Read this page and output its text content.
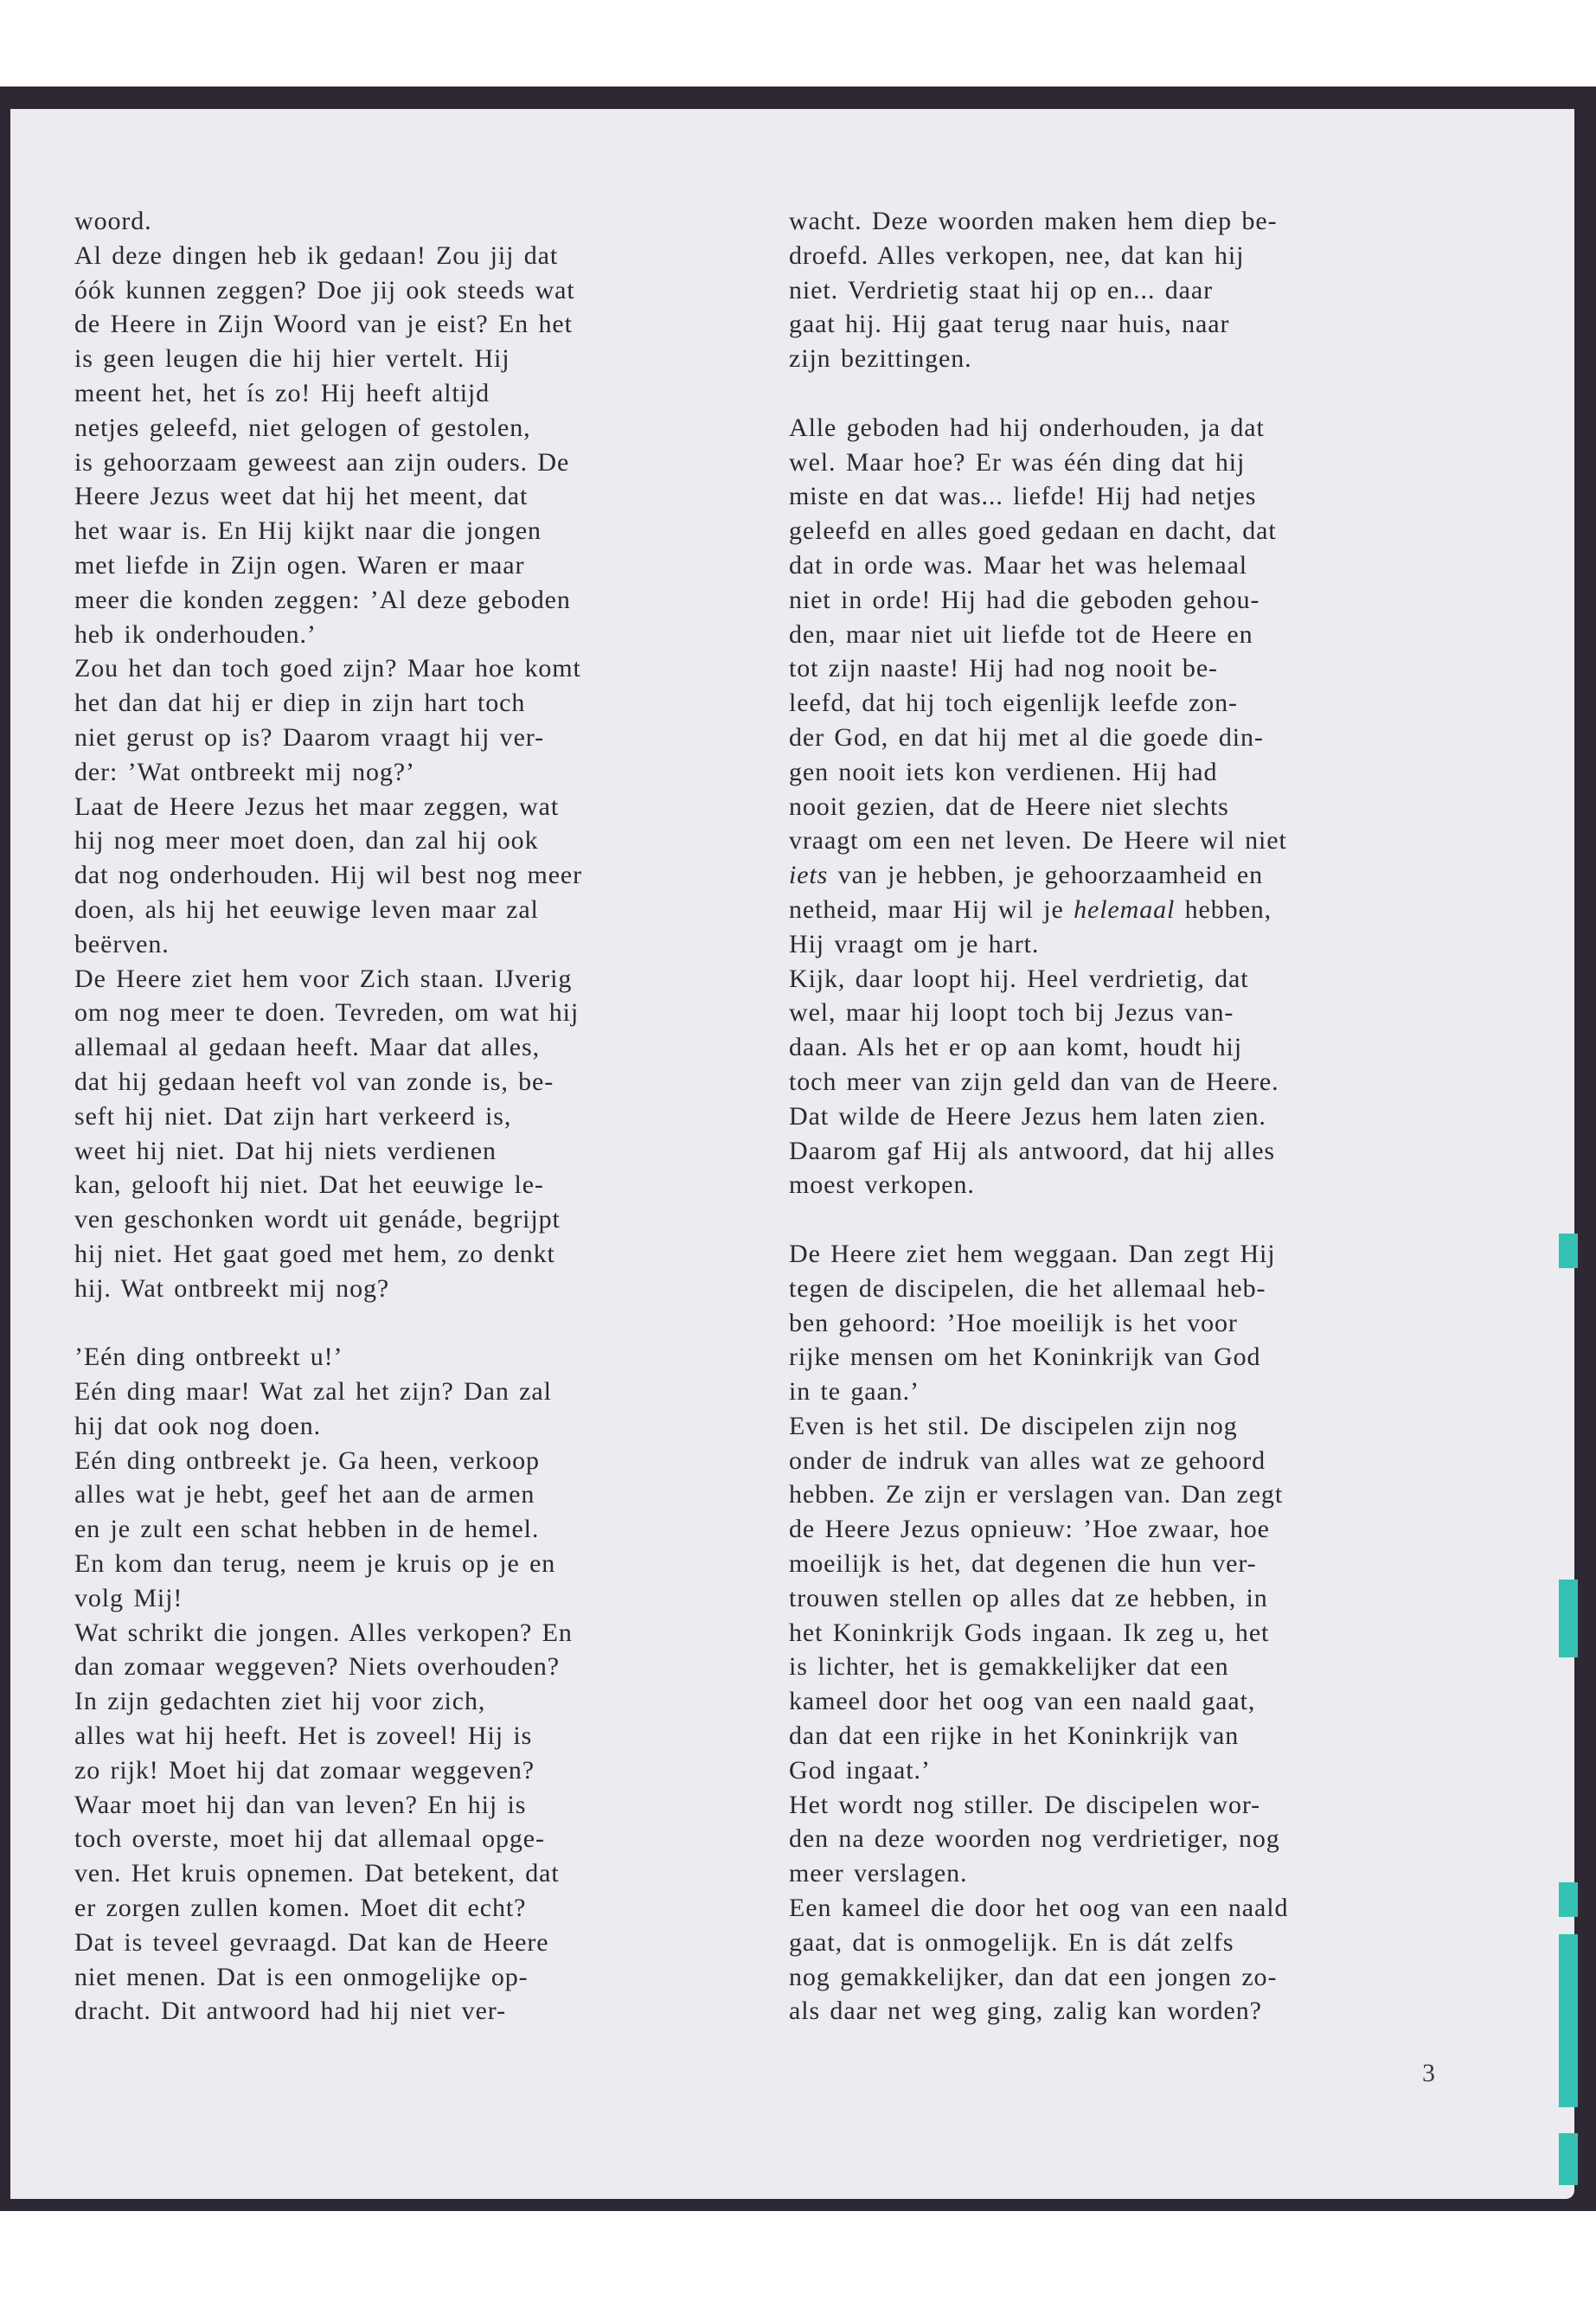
woord.
Al deze dingen heb ik gedaan! Zou jij dat
óók kunnen zeggen? Doe jij ook steeds wat
de Heere in Zijn Woord van je eist? En het
is geen leugen die hij hier vertelt. Hij
meent het, het ís zo! Hij heeft altijd
netjes geleefd, niet gelogen of gestolen,
is gehoorzaam geweest aan zijn ouders. De
Heere Jezus weet dat hij het meent, dat
het waar is. En Hij kijkt naar die jongen
met liefde in Zijn ogen. Waren er maar
meer die konden zeggen: ’Al deze geboden
heb ik onderhouden.’
Zou het dan toch goed zijn? Maar hoe komt
het dan dat hij er diep in zijn hart toch
niet gerust op is? Daarom vraagt hij ver-
der: ’Wat ontbreekt mij nog?’
Laat de Heere Jezus het maar zeggen, wat
hij nog meer moet doen, dan zal hij ook
dat nog onderhouden. Hij wil best nog meer
doen, als hij het eeuwige leven maar zal
beërven.
De Heere ziet hem voor Zich staan. IJverig
om nog meer te doen. Tevreden, om wat hij
allemaal al gedaan heeft. Maar dat alles,
dat hij gedaan heeft vol van zonde is, be-
seft hij niet. Dat zijn hart verkeerd is,
weet hij niet. Dat hij niets verdienen
kan, gelooft hij niet. Dat het eeuwige le-
ven geschonken wordt uit genáde, begrijpt
hij niet. Het gaat goed met hem, zo denkt
hij. Wat ontbreekt mij nog?
’Eén ding ontbreekt u!’
Eén ding maar! Wat zal het zijn? Dan zal
hij dat ook nog doen.
Eén ding ontbreekt je. Ga heen, verkoop
alles wat je hebt, geef het aan de armen
en je zult een schat hebben in de hemel.
En kom dan terug, neem je kruis op je en
volg Mij!
Wat schrikt die jongen. Alles verkopen? En
dan zomaar weggeven? Niets overhouden?
In zijn gedachten ziet hij voor zich,
alles wat hij heeft. Het is zoveel! Hij is
zo rijk! Moet hij dat zomaar weggeven?
Waar moet hij dan van leven? En hij is
toch overste, moet hij dat allemaal opge-
ven. Het kruis opnemen. Dat betekent, dat
er zorgen zullen komen. Moet dit echt?
Dat is teveel gevraagd. Dat kan de Heere
niet menen. Dat is een onmogelijke op-
dracht. Dit antwoord had hij niet ver-
wacht. Deze woorden maken hem diep be-
droefd. Alles verkopen, nee, dat kan hij
niet. Verdrietig staat hij op en... daar
gaat hij. Hij gaat terug naar huis, naar
zijn bezittingen.
Alle geboden had hij onderhouden, ja dat
wel. Maar hoe? Er was één ding dat hij
miste en dat was... liefde! Hij had netjes
geleefd en alles goed gedaan en dacht, dat
dat in orde was. Maar het was helemaal
niet in orde! Hij had die geboden gehou-
den, maar niet uit liefde tot de Heere en
tot zijn naaste! Hij had nog nooit be-
leefd, dat hij toch eigenlijk leefde zon-
der God, en dat hij met al die goede din-
gen nooit iets kon verdienen. Hij had
nooit gezien, dat de Heere niet slechts
vraagt om een net leven. De Heere wil niet
iets van je hebben, je gehoorzaamheid en
netheid, maar Hij wil je helemaal hebben,
Hij vraagt om je hart.
Kijk, daar loopt hij. Heel verdrietig, dat
wel, maar hij loopt toch bij Jezus van-
daan. Als het er op aan komt, houdt hij
toch meer van zijn geld dan van de Heere.
Dat wilde de Heere Jezus hem laten zien.
Daarom gaf Hij als antwoord, dat hij alles
moest verkopen.
De Heere ziet hem weggaan. Dan zegt Hij
tegen de discipelen, die het allemaal heb-
ben gehoord: ’Hoe moeilijk is het voor
rijke mensen om het Koninkrijk van God
in te gaan.’
Even is het stil. De discipelen zijn nog
onder de indruk van alles wat ze gehoord
hebben. Ze zijn er verslagen van. Dan zegt
de Heere Jezus opnieuw: ’Hoe zwaar, hoe
moeilijk is het, dat degenen die hun ver-
trouwen stellen op alles dat ze hebben, in
het Koninkrijk Gods ingaan. Ik zeg u, het
is lichter, het is gemakkelijker dat een
kameel door het oog van een naald gaat,
dan dat een rijke in het Koninkrijk van
God ingaat.’
Het wordt nog stiller. De discipelen wor-
den na deze woorden nog verdrietiger, nog
meer verslagen.
Een kameel die door het oog van een naald
gaat, dat is onmogelijk. En is dát zelfs
nog gemakkelijker, dan dat een jongen zo-
als daar net weg ging, zalig kan worden?
3
